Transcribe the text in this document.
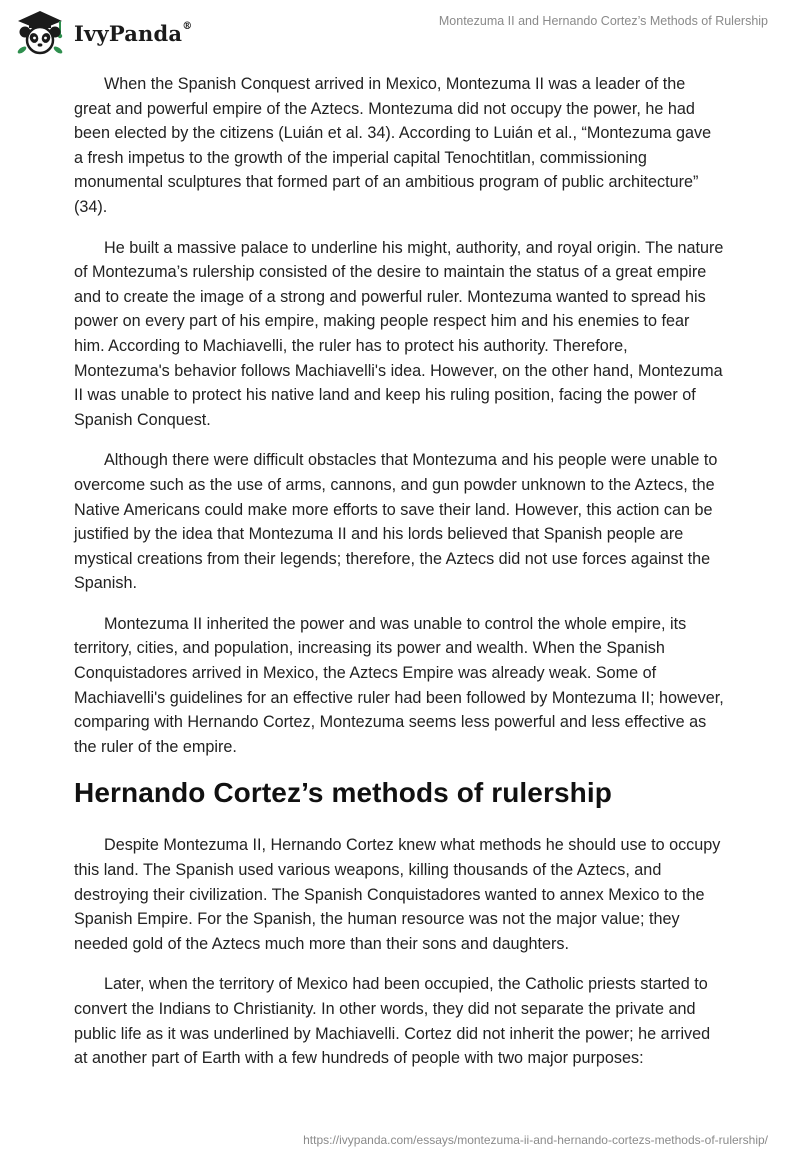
IvyPanda®	Montezuma II and Hernando Cortez’s Methods of Rulership

When the Spanish Conquest arrived in Mexico, Montezuma II was a leader of the great and powerful empire of the Aztecs. Montezuma did not occupy the power, he had been elected by the citizens (Luián et al. 34). According to Luián et al., “Montezuma gave a fresh impetus to the growth of the imperial capital Tenochtitlan, commissioning monumental sculptures that formed part of an ambitious program of public architecture” (34).

He built a massive palace to underline his might, authority, and royal origin. The nature of Montezuma’s rulership consisted of the desire to maintain the status of a great empire and to create the image of a strong and powerful ruler. Montezuma wanted to spread his power on every part of his empire, making people respect him and his enemies to fear him. According to Machiavelli, the ruler has to protect his authority. Therefore, Montezuma's behavior follows Machiavelli's idea. However, on the other hand, Montezuma II was unable to protect his native land and keep his ruling position, facing the power of Spanish Conquest.

Although there were difficult obstacles that Montezuma and his people were unable to overcome such as the use of arms, cannons, and gun powder unknown to the Aztecs, the Native Americans could make more efforts to save their land. However, this action can be justified by the idea that Montezuma II and his lords believed that Spanish people are mystical creations from their legends; therefore, the Aztecs did not use forces against the Spanish.

Montezuma II inherited the power and was unable to control the whole empire, its territory, cities, and population, increasing its power and wealth. When the Spanish Conquistadores arrived in Mexico, the Aztecs Empire was already weak. Some of Machiavelli's guidelines for an effective ruler had been followed by Montezuma II; however, comparing with Hernando Cortez, Montezuma seems less powerful and less effective as the ruler of the empire.

Hernando Cortez’s methods of rulership

Despite Montezuma II, Hernando Cortez knew what methods he should use to occupy this land. The Spanish used various weapons, killing thousands of the Aztecs, and destroying their civilization. The Spanish Conquistadores wanted to annex Mexico to the Spanish Empire. For the Spanish, the human resource was not the major value; they needed gold of the Aztecs much more than their sons and daughters.

Later, when the territory of Mexico had been occupied, the Catholic priests started to convert the Indians to Christianity. In other words, they did not separate the private and public life as it was underlined by Machiavelli. Cortez did not inherit the power; he arrived at another part of Earth with a few hundreds of people with two major purposes:

https://ivypanda.com/essays/montezuma-ii-and-hernando-cortezs-methods-of-rulership/
